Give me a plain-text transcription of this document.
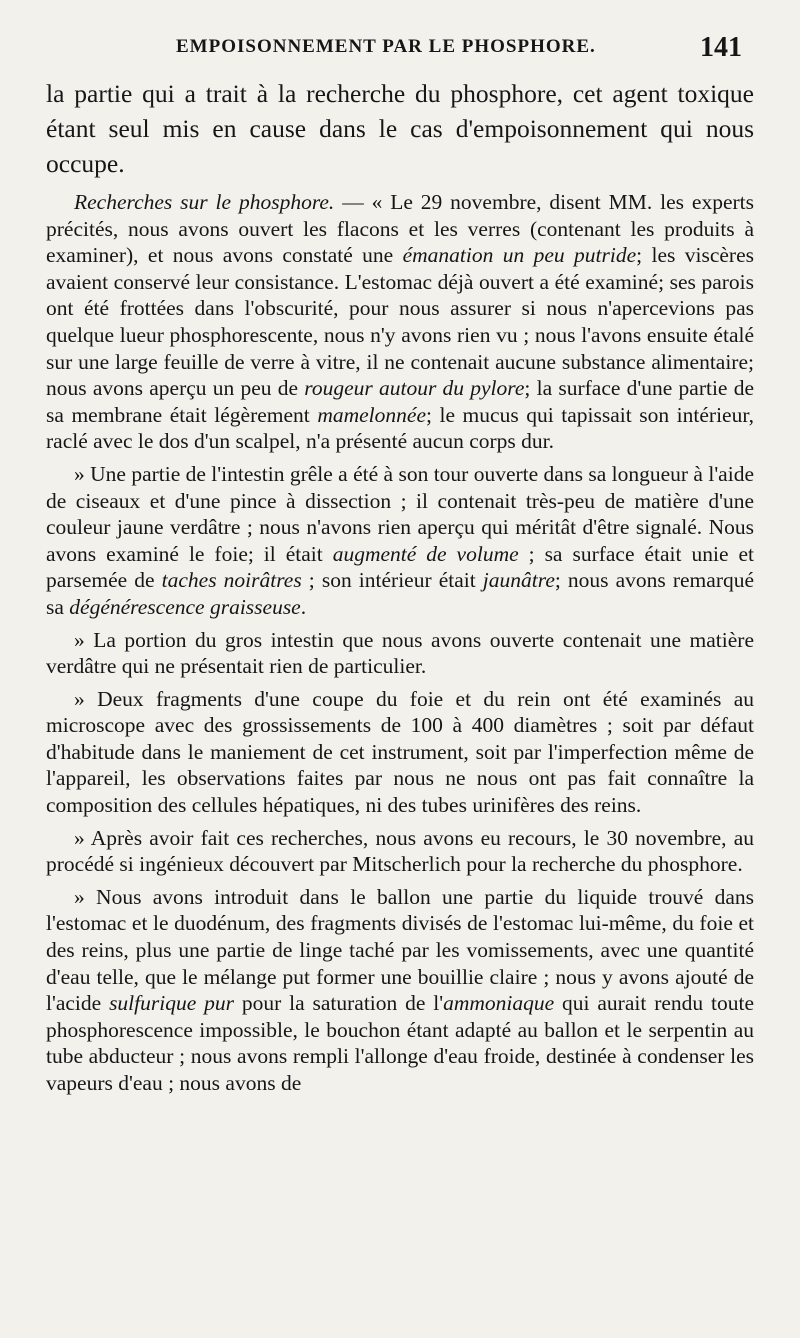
EMPOISONNEMENT PAR LE PHOSPHORE.	141

la partie qui a trait à la recherche du phosphore, cet agent toxique étant seul mis en cause dans le cas d'empoisonnement qui nous occupe.

Recherches sur le phosphore. — « Le 29 novembre, disent MM. les experts précités, nous avons ouvert les flacons et les verres (contenant les produits à examiner), et nous avons constaté une émanation un peu putride; les viscères avaient conservé leur consistance. L'estomac déjà ouvert a été examiné; ses parois ont été frottées dans l'obscurité, pour nous assurer si nous n'apercevions pas quelque lueur phosphorescente, nous n'y avons rien vu ; nous l'avons ensuite étalé sur une large feuille de verre à vitre, il ne contenait aucune substance alimentaire; nous avons aperçu un peu de rougeur autour du pylore; la surface d'une partie de sa membrane était légèrement mamelonnée; le mucus qui tapissait son intérieur, raclé avec le dos d'un scalpel, n'a présenté aucun corps dur.

» Une partie de l'intestin grêle a été à son tour ouverte dans sa longueur à l'aide de ciseaux et d'une pince à dissection ; il contenait très-peu de matière d'une couleur jaune verdâtre ; nous n'avons rien aperçu qui méritât d'être signalé. Nous avons examiné le foie; il était augmenté de volume ; sa surface était unie et parsemée de taches noirâtres ; son intérieur était jaunâtre; nous avons remarqué sa dégénérescence graisseuse.

» La portion du gros intestin que nous avons ouverte contenait une matière verdâtre qui ne présentait rien de particulier.

» Deux fragments d'une coupe du foie et du rein ont été examinés au microscope avec des grossissements de 100 à 400 diamètres ; soit par défaut d'habitude dans le maniement de cet instrument, soit par l'imperfection même de l'appareil, les observations faites par nous ne nous ont pas fait connaître la composition des cellules hépatiques, ni des tubes urinifères des reins.

» Après avoir fait ces recherches, nous avons eu recours, le 30 novembre, au procédé si ingénieux découvert par Mitscherlich pour la recherche du phosphore.

» Nous avons introduit dans le ballon une partie du liquide trouvé dans l'estomac et le duodénum, des fragments divisés de l'estomac lui-même, du foie et des reins, plus une partie de linge taché par les vomissements, avec une quantité d'eau telle, que le mélange put former une bouillie claire ; nous y avons ajouté de l'acide sulfurique pur pour la saturation de l'ammoniaque qui aurait rendu toute phosphorescence impossible, le bouchon étant adapté au ballon et le serpentin au tube abducteur ; nous avons rempli l'allonge d'eau froide, destinée à condenser les vapeurs d'eau ; nous avons de
